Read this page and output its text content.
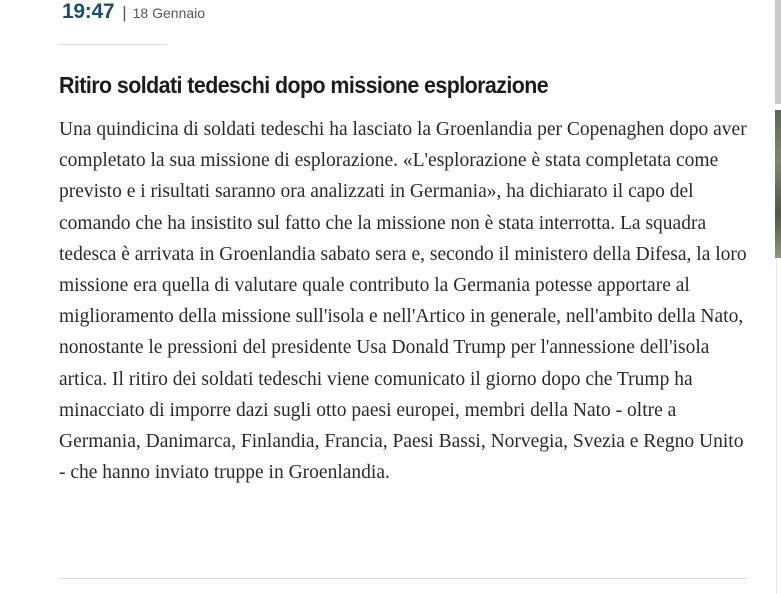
19:47 | 18 Gennaio
Ritiro soldati tedeschi dopo missione esplorazione

Una quindicina di soldati tedeschi ha lasciato la Groenlandia per Copenaghen dopo aver completato la sua missione di esplorazione. «L'esplorazione è stata completata come previsto e i risultati saranno ora analizzati in Germania», ha dichiarato il capo del comando che ha insistito sul fatto che la missione non è stata interrotta. La squadra tedesca è arrivata in Groenlandia sabato sera e, secondo il ministero della Difesa, la loro missione era quella di valutare quale contributo la Germania potesse apportare al miglioramento della missione sull'isola e nell'Artico in generale, nell'ambito della Nato, nonostante le pressioni del presidente Usa Donald Trump per l'annessione dell'isola artica. Il ritiro dei soldati tedeschi viene comunicato il giorno dopo che Trump ha minacciato di imporre dazi sugli otto paesi europei, membri della Nato - oltre a Germania, Danimarca, Finlandia, Francia, Paesi Bassi, Norvegia, Svezia e Regno Unito - che hanno inviato truppe in Groenlandia.
